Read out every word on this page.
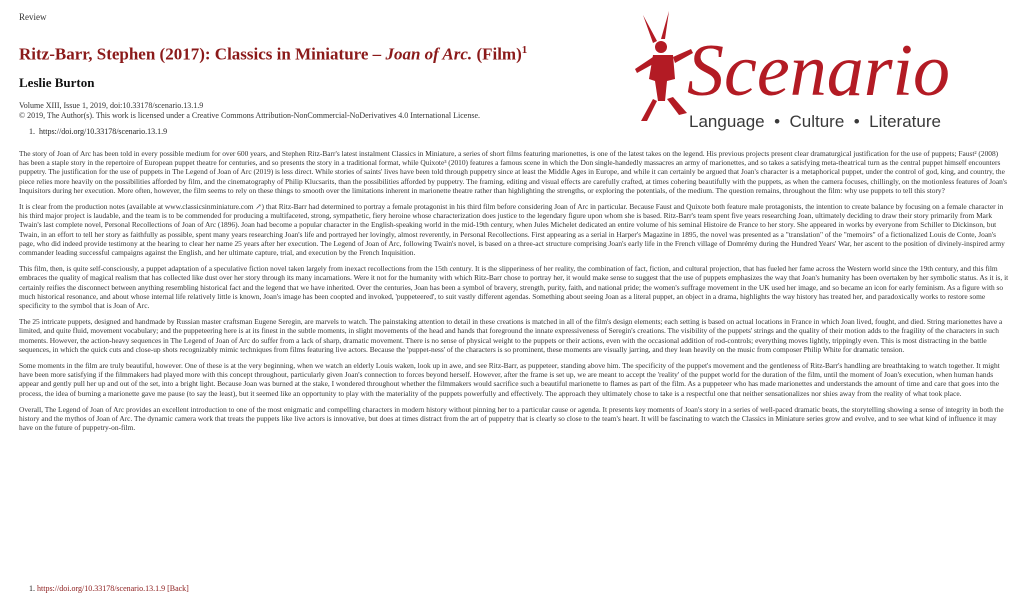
Review
Ritz-Barr, Stephen (2017): Classics in Miniature – Joan of Arc. (Film)$^1$
Leslie Burton
Volume XIII, Issue 1, 2019, doi:10.33178/scenario.13.1.9
© 2019, The Author(s). This work is licensed under a Creative Commons Attribution-NonCommercial-NoDerivatives 4.0 International License.
1. https://doi.org/10.33178/scenario.13.1.9
Scenario
Language  •  Culture  •  Literature

The story of Joan of Arc has been told in every possible medium for over 600 years, and Stephen Ritz-Barr's latest instalment Classics in Miniature, a series of short films featuring marionettes, is one of the latest takes on the legend. His previous projects present clear dramaturgical justification for the use of puppets; Faust² (2008) has been a staple story in the repertoire of European puppet theatre for centuries, and so presents the story in a traditional format, while Quixote³ (2010) features a famous scene in which the Don single-handedly massacres an army of marionettes, and so takes a satisfying meta-theatrical turn as the central puppet himself encounters puppetry. The justification for the use of puppets in The Legend of Joan of Arc (2019) is less direct. While stories of saints' lives have been told through puppetry since at least the Middle Ages in Europe, and while it can certainly be argued that Joan's character is a metaphorical puppet, under the control of god, king, and country, the piece relies more heavily on the possibilities afforded by film, and the cinematography of Philip Klucsarits, than the possibilities afforded by puppetry. The framing, editing and visual effects are carefully crafted, at times cohering beautifully with the puppets, as when the camera focuses, chillingly, on the motionless features of Joan's Inquisitors during her execution. More often, however, the film seems to rely on these things to smooth over the limitations inherent in marionette theatre rather than highlighting the strengths, or exploring the potentials, of the medium. The question remains, throughout the film: why use puppets to tell this story?

It is clear from the production notes (available at www.classicsinminiature.com ↗) that Ritz-Barr had determined to portray a female protagonist in his third film before considering Joan of Arc in particular. Because Faust and Quixote both feature male protagonists, the intention to create balance by focusing on a female character in his third major project is laudable, and the team is to be commended for producing a multifaceted, strong, sympathetic, fiery heroine whose characterization does justice to the legendary figure upon whom she is based. Ritz-Barr's team spent five years researching Joan, ultimately deciding to draw their story primarily from Mark Twain's last complete novel, Personal Recollections of Joan of Arc (1896). Joan had become a popular character in the English-speaking world in the mid-19th century, when Jules Michelet dedicated an entire volume of his seminal Histoire de France to her story. She appeared in works by everyone from Schiller to Dickinson, but Twain, in an effort to tell her story as faithfully as possible, spent many years researching Joan's life and portrayed her lovingly, almost reverently, in Personal Recollections. First appearing as a serial in Harper's Magazine in 1895, the novel was presented as a "translation" of the "memoirs" of a fictionalized Louis de Conte, Joan's page, who did indeed provide testimony at the hearing to clear her name 25 years after her execution. The Legend of Joan of Arc, following Twain's novel, is based on a three-act structure comprising Joan's early life in the French village of Domrémy during the Hundred Years' War, her ascent to the position of divinely-inspired army commander leading successful campaigns against the English, and her ultimate capture, trial, and execution by the French Inquisition.

This film, then, is quite self-consciously, a puppet adaptation of a speculative fiction novel taken largely from inexact recollections from the 15th century. It is the slipperiness of her reality, the combination of fact, fiction, and cultural projection, that has fueled her fame across the Western world since the 19th century, and this film embraces the quality of magical realism that has collected like dust over her story through its many incarnations. Were it not for the humanity with which Ritz-Barr chose to portray her, it would make sense to suggest that the use of puppets emphasizes the way that Joan's humanity has been overtaken by her symbolic status. As it is, it certainly reifies the disconnect between anything resembling historical fact and the legend that we have inherited. Over the centuries, Joan has been a symbol of bravery, strength, purity, faith, and national pride; the women's suffrage movement in the UK used her image, and so became an icon for early feminism. As a figure with so much historical resonance, and about whose internal life relatively little is known, Joan's image has been coopted and invoked, 'puppeteered', to suit vastly different agendas. Something about seeing Joan as a literal puppet, an object in a drama, highlights the way history has treated her, and paradoxically works to restore some specificity to the symbol that is Joan of Arc.

The 25 intricate puppets, designed and handmade by Russian master craftsman Eugene Seregin, are marvels to watch. The painstaking attention to detail in these creations is matched in all of the film's design elements; each setting is based on actual locations in France in which Joan lived, fought, and died. String marionettes have a limited, and quite fluid, movement vocabulary; and the puppeteering here is at its finest in the subtle moments, in slight movements of the head and hands that foreground the innate expressiveness of Seregin's creations. The visibility of the puppets' strings and the quality of their motion adds to the fragility of the characters in such moments. However, the action-heavy sequences in The Legend of Joan of Arc do suffer from a lack of sharp, dramatic movement. There is no sense of physical weight to the puppets or their actions, even with the occasional addition of rod-controls; everything moves lightly, trippingly even. This is most distracting in the battle sequences, in which the quick cuts and close-up shots recognizably mimic techniques from films featuring live actors. Because the 'puppet-ness' of the characters is so prominent, these moments are visually jarring, and they lean heavily on the music from composer Philip White for dramatic tension.

Some moments in the film are truly beautiful, however. One of these is at the very beginning, when we watch an elderly Louis waken, look up in awe, and see Ritz-Barr, as puppeteer, standing above him. The specificity of the puppet's movement and the gentleness of Ritz-Barr's handling are breathtaking to watch together. It might have been more satisfying if the filmmakers had played more with this concept throughout, particularly given Joan's connection to forces beyond herself. However, after the frame is set up, we are meant to accept the 'reality' of the puppet world for the duration of the film, until the moment of Joan's execution, when human hands appear and gently pull her up and out of the set, into a bright light. Because Joan was burned at the stake, I wondered throughout whether the filmmakers would sacrifice such a beautiful marionette to flames as part of the film. As a puppeteer who has made marionettes and understands the amount of time and care that goes into the process, the idea of burning a marionette gave me pause (to say the least), but it seemed like an opportunity to play with the materiality of the puppets powerfully and effectively. The approach they ultimately chose to take is a respectful one that neither sensationalizes nor shies away from the reality of what took place.

Overall, The Legend of Joan of Arc provides an excellent introduction to one of the most enigmatic and compelling characters in modern history without pinning her to a particular cause or agenda. It presents key moments of Joan's story in a series of well-paced dramatic beats, the storytelling showing a sense of integrity in both the history and the mythos of Joan of Arc. The dynamic camera work that treats the puppets like live actors is innovative, but does at times distract from the art of puppetry that is clearly so close to the team's heart. It will be fascinating to watch the Classics in Miniature series grow and evolve, and to see what kind of influence it may have on the future of puppetry-on-film.

1. https://doi.org/10.33178/scenario.13.1.9 [Back]
